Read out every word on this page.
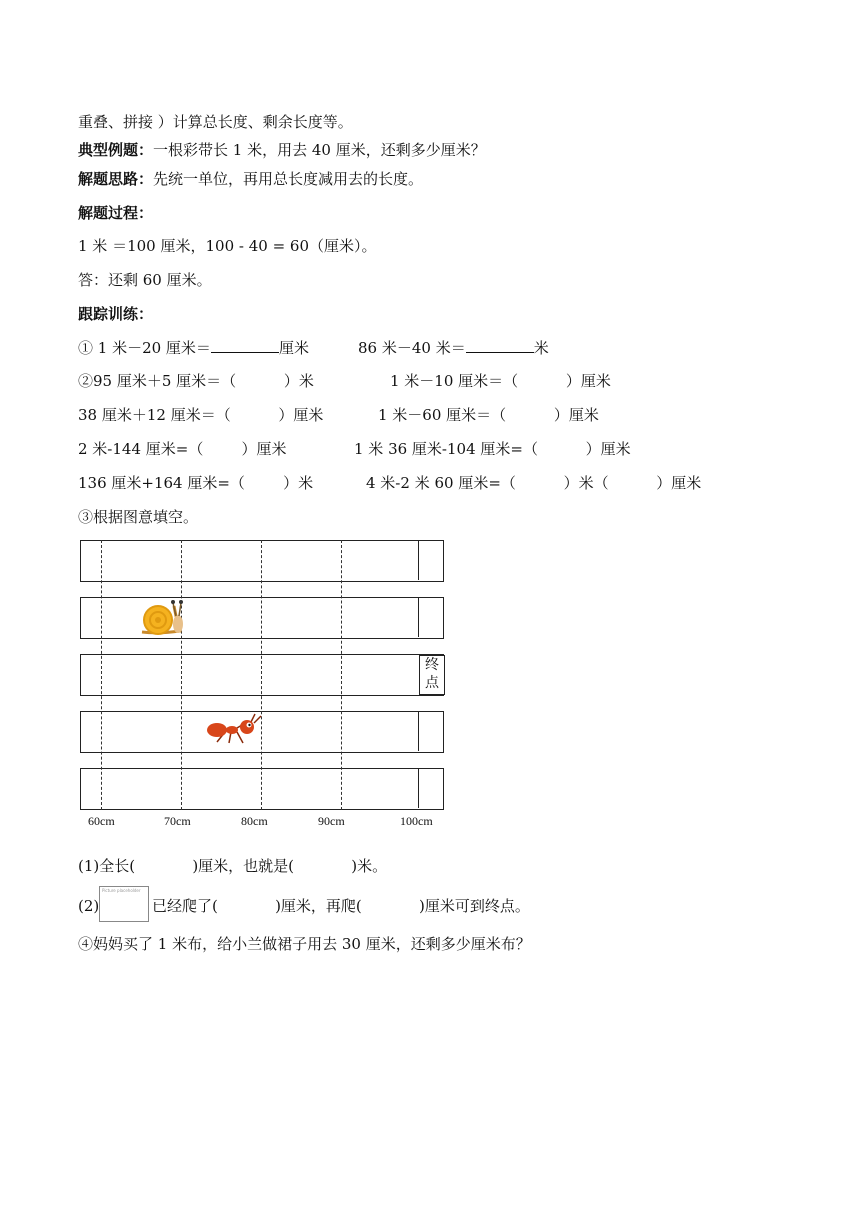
重叠、拼接 ）计算总长度、剩余长度等。
典型例题：一根彩带长 1 米，用去 40 厘米，还剩多少厘米？
解题思路：先统一单位，再用总长度减用去的长度。
解题过程：
1 米 ＝100 厘米，100 - 40 = 60（厘米）。
答：还剩 60 厘米。
跟踪训练：
① 1 米－20 厘米＝	厘米	86 米－40 米＝	米
②95 厘米＋5 厘米＝（          ）米	1 米－10 厘米＝（          ）厘米
38 厘米＋12 厘米＝（          ）厘米	1 米－60 厘米＝（          ）厘米
2 米-144 厘米=（        ）厘米	1 米 36 厘米-104 厘米=（          ）厘米
136 厘米+164 厘米=（        ）米	4 米-2 米 60 厘米=（          ）米（          ）厘米
③根据图意填空。
终
点
60cm	70cm	80cm	90cm	100cm
(1)全长(            )厘米，也就是(            )米。
(2)
Picture placeholder
已经爬了(            )厘米，再爬(            )厘米可到终点。
④妈妈买了 1 米布，给小兰做裙子用去 30 厘米，还剩多少厘米布？
